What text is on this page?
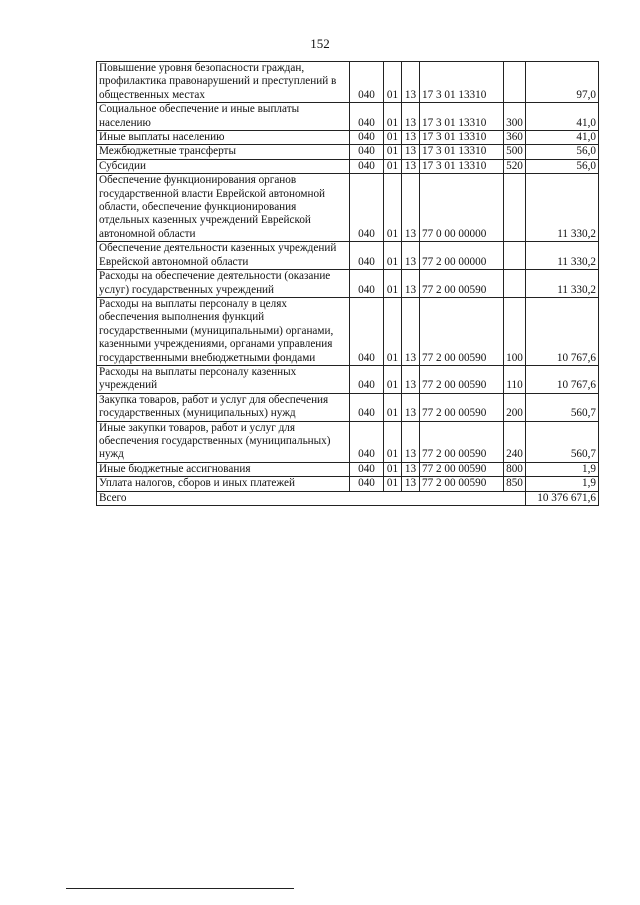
152
Повышение уровня безопасности граждан, профилактика правонарушений и преступлений в общественных местах	040	01	13	17 3 01 13310		97,0
Социальное обеспечение и иные выплаты населению	040	01	13	17 3 01 13310	300	41,0
Иные выплаты населению	040	01	13	17 3 01 13310	360	41,0
Межбюджетные трансферты	040	01	13	17 3 01 13310	500	56,0
Субсидии	040	01	13	17 3 01 13310	520	56,0
Обеспечение функционирования органов государственной власти Еврейской автономной области, обеспечение функционирования отдельных казенных учреждений Еврейской автономной области	040	01	13	77 0 00 00000		11 330,2
Обеспечение деятельности казенных учреждений Еврейской автономной области	040	01	13	77 2 00 00000		11 330,2
Расходы на обеспечение деятельности (оказание услуг) государственных учреждений	040	01	13	77 2 00 00590		11 330,2
Расходы на выплаты персоналу в целях обеспечения выполнения функций государственными (муниципальными) органами, казенными учреждениями, органами управления государственными внебюджетными фондами	040	01	13	77 2 00 00590	100	10 767,6
Расходы на выплаты персоналу казенных учреждений	040	01	13	77 2 00 00590	110	10 767,6
Закупка товаров, работ и услуг для обеспечения государственных (муниципальных) нужд	040	01	13	77 2 00 00590	200	560,7
Иные закупки товаров, работ и услуг для обеспечения государственных (муниципальных) нужд	040	01	13	77 2 00 00590	240	560,7
Иные бюджетные ассигнования	040	01	13	77 2 00 00590	800	1,9
Уплата налогов, сборов и иных платежей	040	01	13	77 2 00 00590	850	1,9
Всего						10 376 671,6
